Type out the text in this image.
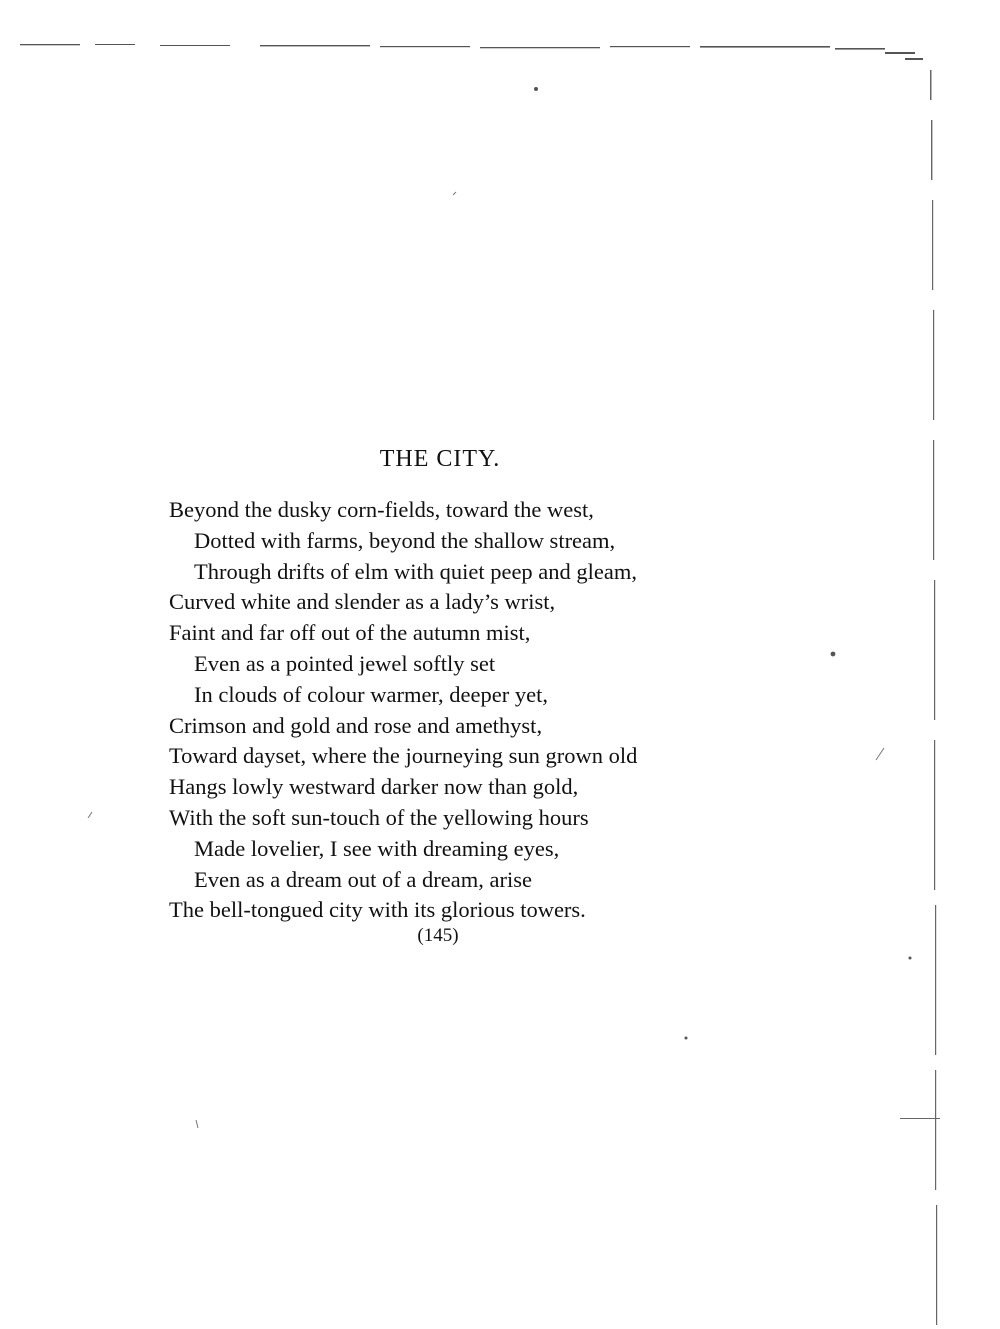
THE CITY.
Beyond the dusky corn-fields, toward the west,
Dotted with farms, beyond the shallow stream,
Through drifts of elm with quiet peep and gleam,
Curved white and slender as a lady’s wrist,
Faint and far off out of the autumn mist,
Even as a pointed jewel softly set
In clouds of colour warmer, deeper yet,
Crimson and gold and rose and amethyst,
Toward dayset, where the journeying sun grown old
Hangs lowly westward darker now than gold,
With the soft sun-touch of the yellowing hours
Made lovelier, I see with dreaming eyes,
Even as a dream out of a dream, arise
The bell-tongued city with its glorious towers.
(145)
